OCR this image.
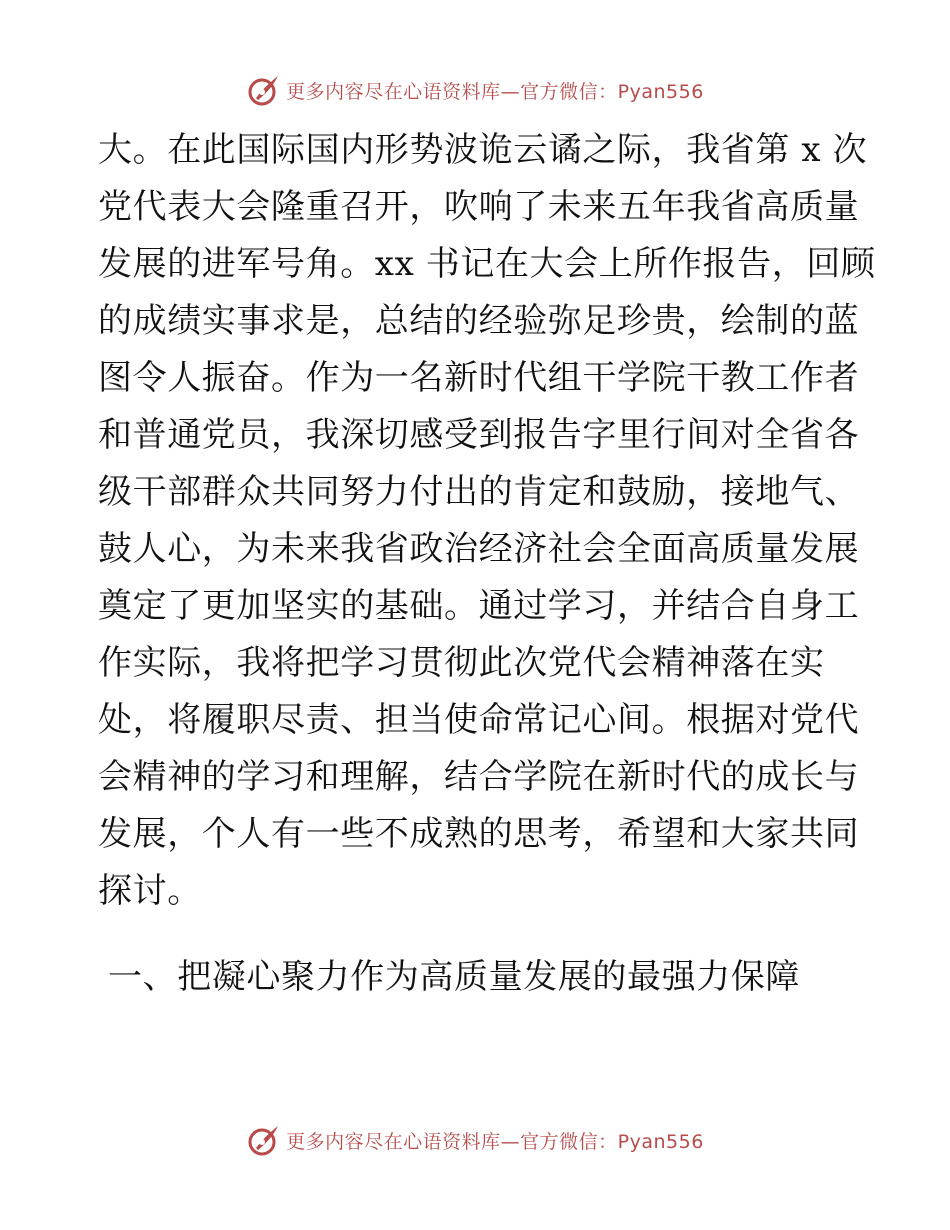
更多内容尽在心语资料库—官方微信：Pyan556
大。在此国际国内形势波诡云谲之际，我省第 x 次
党代表大会隆重召开，吹响了未来五年我省高质量
发展的进军号角。xx 书记在大会上所作报告，回顾
的成绩实事求是，总结的经验弥足珍贵，绘制的蓝
图令人振奋。作为一名新时代组干学院干教工作者
和普通党员，我深切感受到报告字里行间对全省各
级干部群众共同努力付出的肯定和鼓励，接地气、
鼓人心，为未来我省政治经济社会全面高质量发展
奠定了更加坚实的基础。通过学习，并结合自身工
作实际，我将把学习贯彻此次党代会精神落在实
处，将履职尽责、担当使命常记心间。根据对党代
会精神的学习和理解，结合学院在新时代的成长与
发展，个人有一些不成熟的思考，希望和大家共同
探讨。
一、把凝心聚力作为高质量发展的最强力保障
更多内容尽在心语资料库—官方微信：Pyan556
